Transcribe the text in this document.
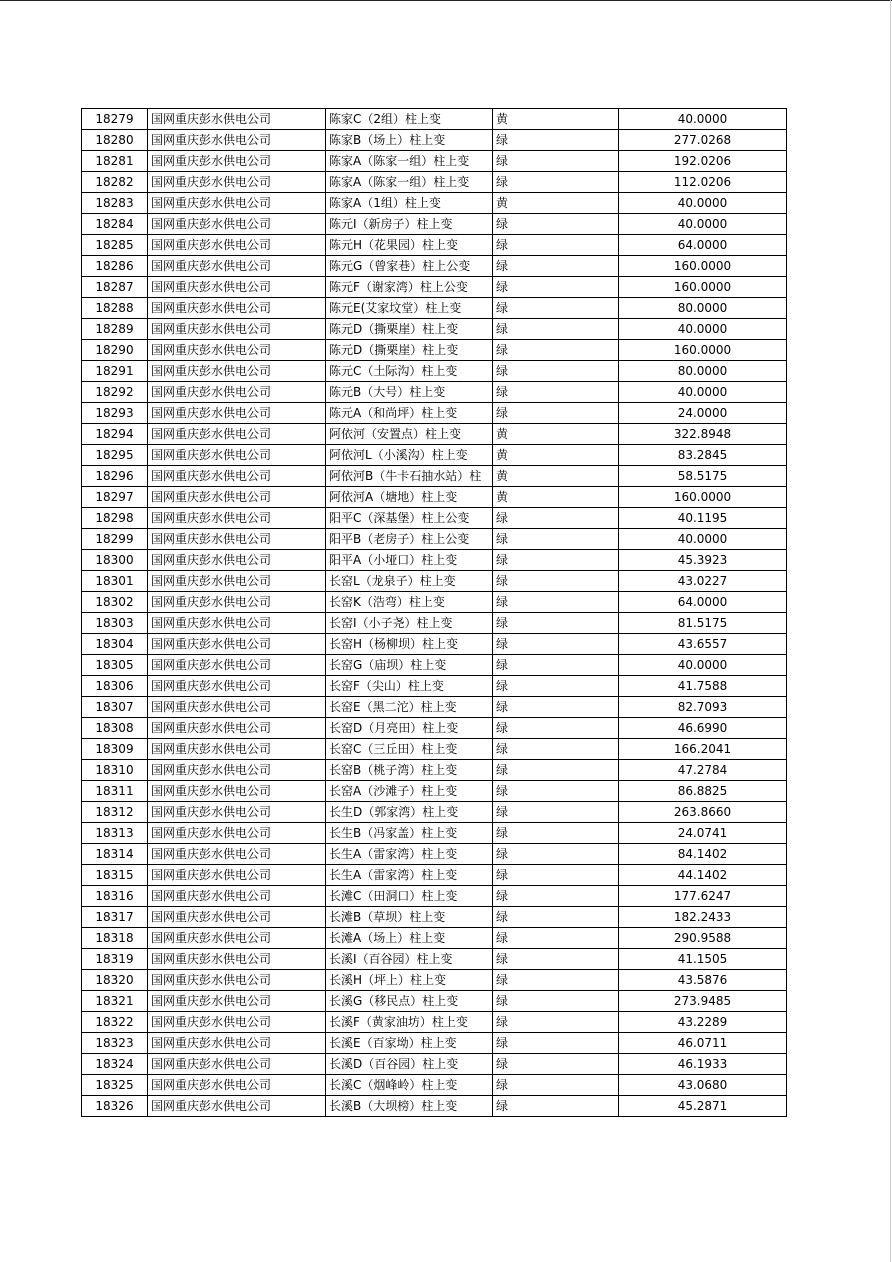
18279	国网重庆彭水供电公司	陈家C（2组）柱上变	黄	40.0000
18280	国网重庆彭水供电公司	陈家B（场上）柱上变	绿	277.0268
18281	国网重庆彭水供电公司	陈家A（陈家一组）柱上变	绿	192.0206
18282	国网重庆彭水供电公司	陈家A（陈家一组）柱上变	绿	112.0206
18283	国网重庆彭水供电公司	陈家A（1组）柱上变	黄	40.0000
18284	国网重庆彭水供电公司	陈元I（新房子）柱上变	绿	40.0000
18285	国网重庆彭水供电公司	陈元H（花果园）柱上变	绿	64.0000
18286	国网重庆彭水供电公司	陈元G（曾家巷）柱上公变	绿	160.0000
18287	国网重庆彭水供电公司	陈元F（谢家湾）柱上公变	绿	160.0000
18288	国网重庆彭水供电公司	陈元E(艾家坟堂）柱上变	绿	80.0000
18289	国网重庆彭水供电公司	陈元D（撕栗崖）柱上变	绿	40.0000
18290	国网重庆彭水供电公司	陈元D（撕栗崖）柱上变	绿	160.0000
18291	国网重庆彭水供电公司	陈元C（土际沟）柱上变	绿	80.0000
18292	国网重庆彭水供电公司	陈元B（大号）柱上变	绿	40.0000
18293	国网重庆彭水供电公司	陈元A（和尚坪）柱上变	绿	24.0000
18294	国网重庆彭水供电公司	阿依河（安置点）柱上变	黄	322.8948
18295	国网重庆彭水供电公司	阿依河L（小溪沟）柱上变	黄	83.2845
18296	国网重庆彭水供电公司	阿依河B（牛卡石抽水站）柱	黄	58.5175
18297	国网重庆彭水供电公司	阿依河A（塘地）柱上变	黄	160.0000
18298	国网重庆彭水供电公司	阳平C（深基堡）柱上公变	绿	40.1195
18299	国网重庆彭水供电公司	阳平B（老房子）柱上公变	绿	40.0000
18300	国网重庆彭水供电公司	阳平A（小垭口）柱上变	绿	45.3923
18301	国网重庆彭水供电公司	长窑L（龙泉子）柱上变	绿	43.0227
18302	国网重庆彭水供电公司	长窑K（浩弯）柱上变	绿	64.0000
18303	国网重庆彭水供电公司	长窑I（小子尧）柱上变	绿	81.5175
18304	国网重庆彭水供电公司	长窑H（杨柳坝）柱上变	绿	43.6557
18305	国网重庆彭水供电公司	长窑G（庙坝）柱上变	绿	40.0000
18306	国网重庆彭水供电公司	长窑F（尖山）柱上变	绿	41.7588
18307	国网重庆彭水供电公司	长窑E（黑二沱）柱上变	绿	82.7093
18308	国网重庆彭水供电公司	长窑D（月亮田）柱上变	绿	46.6990
18309	国网重庆彭水供电公司	长窑C（三丘田）柱上变	绿	166.2041
18310	国网重庆彭水供电公司	长窑B（桃子湾）柱上变	绿	47.2784
18311	国网重庆彭水供电公司	长窑A（沙滩子）柱上变	绿	86.8825
18312	国网重庆彭水供电公司	长生D（郭家湾）柱上变	绿	263.8660
18313	国网重庆彭水供电公司	长生B（冯家盖）柱上变	绿	24.0741
18314	国网重庆彭水供电公司	长生A（雷家湾）柱上变	绿	84.1402
18315	国网重庆彭水供电公司	长生A（雷家湾）柱上变	绿	44.1402
18316	国网重庆彭水供电公司	长滩C（田洞口）柱上变	绿	177.6247
18317	国网重庆彭水供电公司	长滩B（草坝）柱上变	绿	182.2433
18318	国网重庆彭水供电公司	长滩A（场上）柱上变	绿	290.9588
18319	国网重庆彭水供电公司	长溪I（百谷园）柱上变	绿	41.1505
18320	国网重庆彭水供电公司	长溪H（坪上）柱上变	绿	43.5876
18321	国网重庆彭水供电公司	长溪G（移民点）柱上变	绿	273.9485
18322	国网重庆彭水供电公司	长溪F（黄家油坊）柱上变	绿	43.2289
18323	国网重庆彭水供电公司	长溪E（百家坳）柱上变	绿	46.0711
18324	国网重庆彭水供电公司	长溪D（百谷园）柱上变	绿	46.1933
18325	国网重庆彭水供电公司	长溪C（烟峰岭）柱上变	绿	43.0680
18326	国网重庆彭水供电公司	长溪B（大坝榜）柱上变	绿	45.2871
